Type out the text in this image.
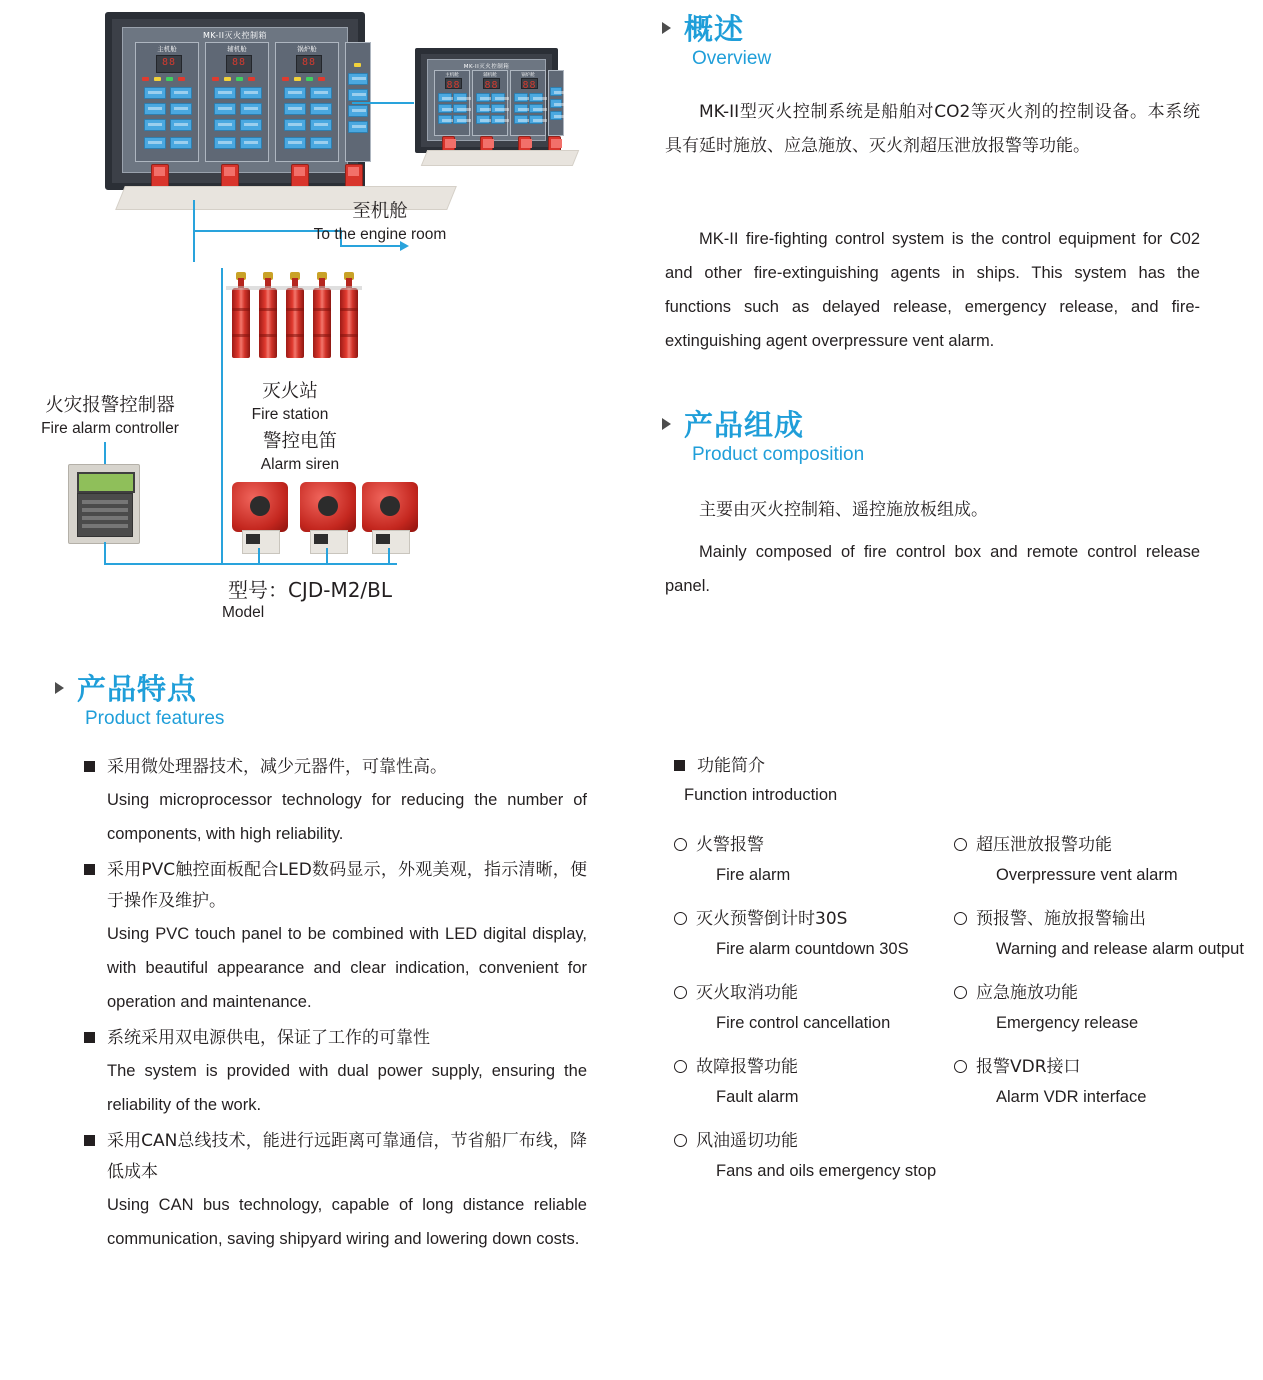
MK-II灭火控制箱
主机舱
88	辅机舱
88	锅炉舱
88
MK-II灭火控制箱
主机舱
88	辅机舱
88	锅炉舱
88
至机舱
To the engine room
灭火站
Fire station
警控电笛
Alarm siren
火灾报警控制器
Fire alarm controller
型号：CJD-M2/BL
Model
概述
Overview
MK-II型灭火控制系统是船舶对CO2等灭火剂的控制设备。本系统具有延时施放、应急施放、灭火剂超压泄放报警等功能。
MK-II fire-fighting control system is the control equipment for C02 and other fire-extinguishing agents in ships. This system has the functions such as delayed release, emergency release, and fire-extinguishing agent overpressure vent alarm.
产品组成
Product composition
主要由灭火控制箱、遥控施放板组成。
Mainly composed of fire control box and remote control release panel.
产品特点
Product features
采用微处理器技术，减少元器件，可靠性高。
Using microprocessor technology for reducing the number of components, with high reliability.
采用PVC触控面板配合LED数码显示，外观美观，指示清晰，便于操作及维护。
Using PVC touch panel to be combined with LED digital display, with beautiful appearance and clear indication, convenient for operation and maintenance.
系统采用双电源供电，保证了工作的可靠性
The system is provided with dual power supply, ensuring the reliability of the work.
采用CAN总线技术，能进行远距离可靠通信，节省船厂布线，降低成本
Using CAN bus technology, capable of long distance reliable communication, saving shipyard wiring and lowering down costs.
功能简介
Function introduction
火警报警
Fire alarm
灭火预警倒计时30S
Fire alarm countdown 30S
灭火取消功能
Fire control cancellation
故障报警功能
Fault alarm
风油遥切功能
Fans and oils emergency stop
超压泄放报警功能
Overpressure vent alarm
预报警、施放报警输出
Warning and release alarm output
应急施放功能
Emergency release
报警VDR接口
Alarm VDR interface
